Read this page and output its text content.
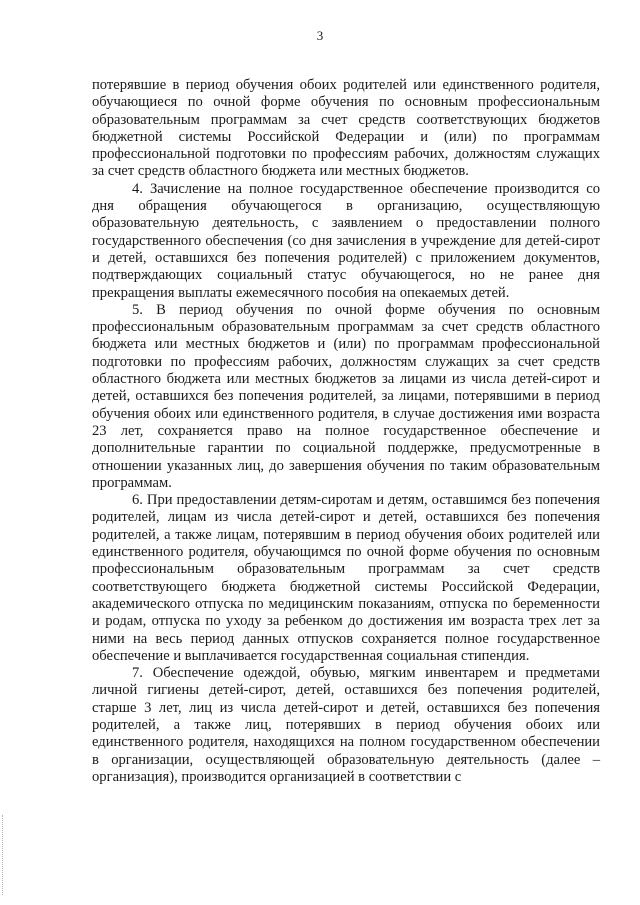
3

потерявшие в период обучения обоих родителей или единственного родителя, обучающиеся по очной форме обучения по основным профессиональным образовательным программам за счет средств соответствующих бюджетов бюджетной системы Российской Федерации и (или) по программам профессиональной подготовки по профессиям рабочих, должностям служащих за счет средств областного бюджета или местных бюджетов.

4. Зачисление на полное государственное обеспечение производится со дня обращения обучающегося в организацию, осуществляющую образовательную деятельность, с заявлением о предоставлении полного государственного обеспечения (со дня зачисления в учреждение для детей-сирот и детей, оставшихся без попечения родителей) с приложением документов, подтверждающих социальный статус обучающегося, но не ранее дня прекращения выплаты ежемесячного пособия на опекаемых детей.

5. В период обучения по очной форме обучения по основным профессиональным образовательным программам за счет средств областного бюджета или местных бюджетов и (или) по программам профессиональной подготовки по профессиям рабочих, должностям служащих за счет средств областного бюджета или местных бюджетов за лицами из числа детей-сирот и детей, оставшихся без попечения родителей, за лицами, потерявшими в период обучения обоих или единственного родителя, в случае достижения ими возраста 23 лет, сохраняется право на полное государственное обеспечение и дополнительные гарантии по социальной поддержке, предусмотренные в отношении указанных лиц, до завершения обучения по таким образовательным программам.

6. При предоставлении детям-сиротам и детям, оставшимся без попечения родителей, лицам из числа детей-сирот и детей, оставшихся без попечения родителей, а также лицам, потерявшим в период обучения обоих родителей или единственного родителя, обучающимся по очной форме обучения по основным профессиональным образовательным программам за счет средств соответствующего бюджета бюджетной системы Российской Федерации, академического отпуска по медицинским показаниям, отпуска по беременности и родам, отпуска по уходу за ребенком до достижения им возраста трех лет за ними на весь период данных отпусков сохраняется полное государственное обеспечение и выплачивается государственная социальная стипендия.

7. Обеспечение одеждой, обувью, мягким инвентарем и предметами личной гигиены детей-сирот, детей, оставшихся без попечения родителей, старше 3 лет, лиц из числа детей-сирот и детей, оставшихся без попечения родителей, а также лиц, потерявших в период обучения обоих или единственного родителя, находящихся на полном государственном обеспечении в организации, осуществляющей образовательную деятельность (далее – организация), производится организацией в соответствии с
